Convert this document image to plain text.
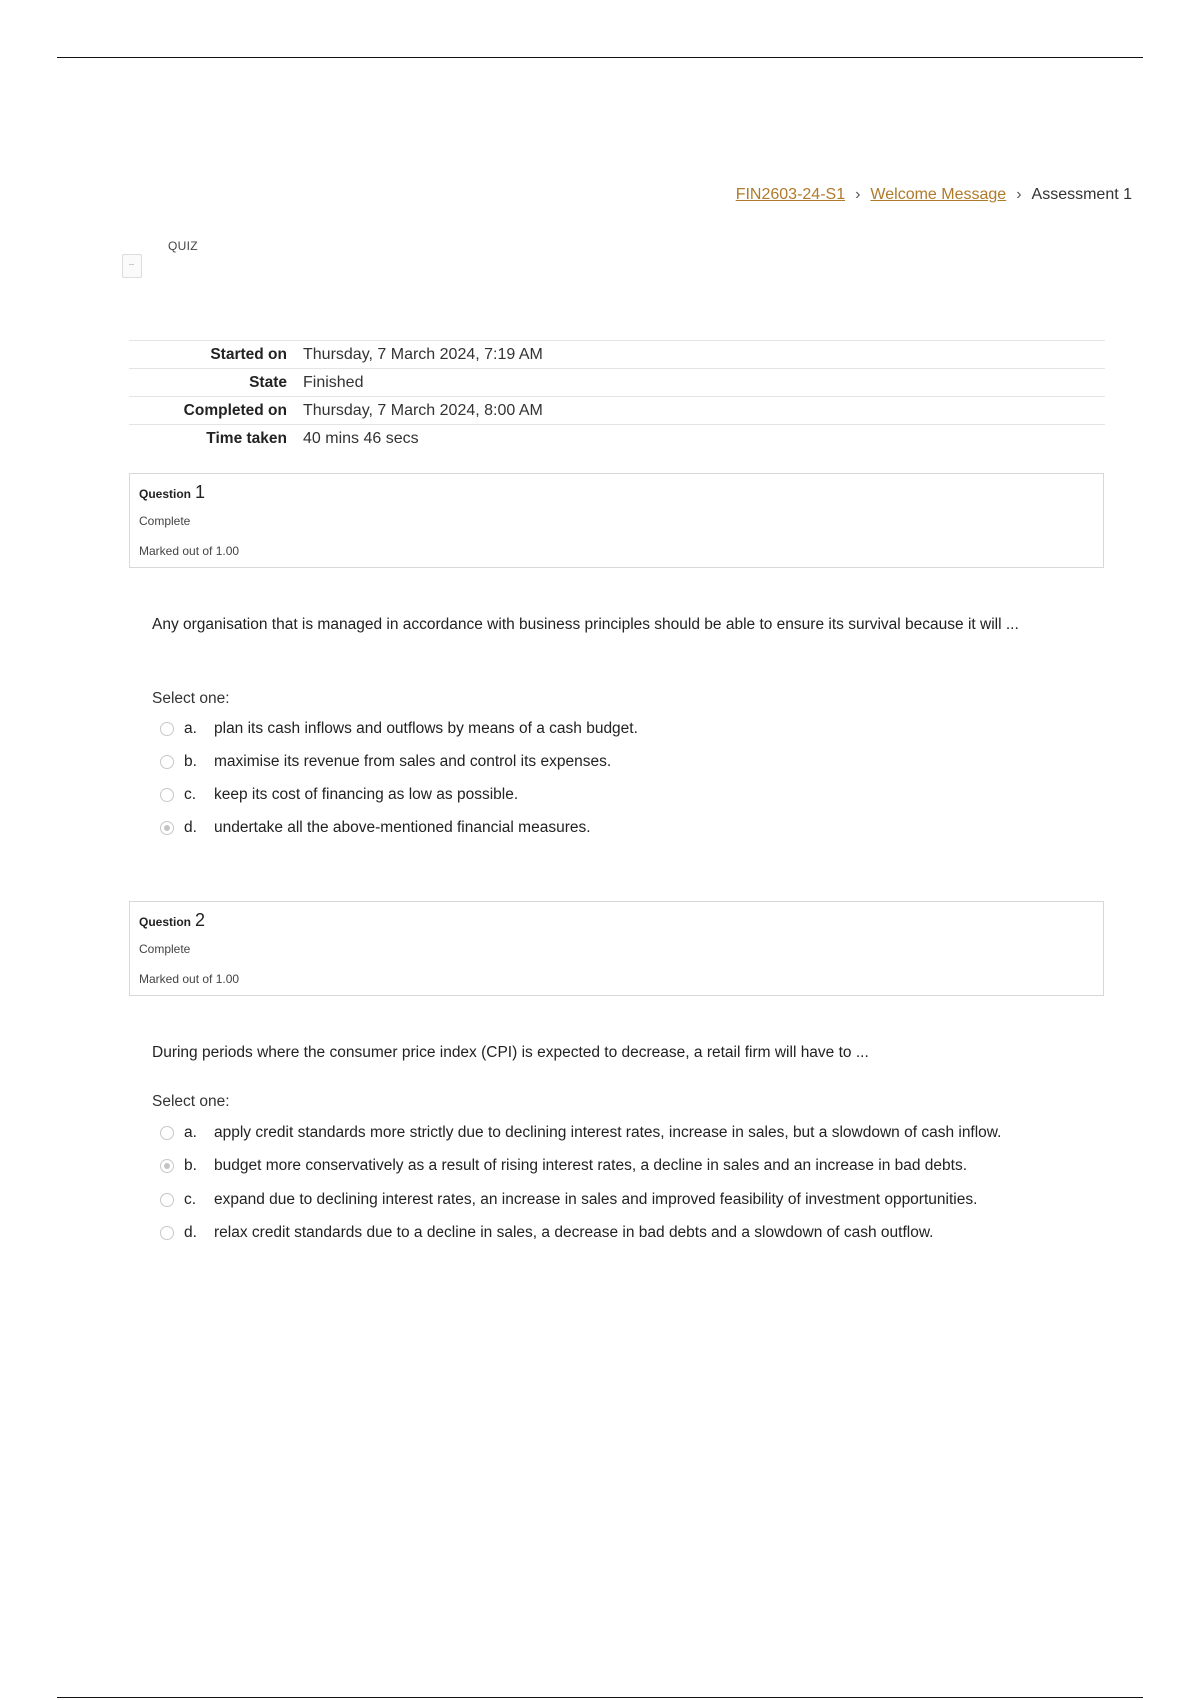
FIN2603-24-S1 › Welcome Message › Assessment 1
QUIZ
Started on	Thursday, 7 March 2024, 7:19 AM
State	Finished
Completed on	Thursday, 7 March 2024, 8:00 AM
Time taken	40 mins 46 secs
Question 1
Complete
Marked out of 1.00
Any organisation that is managed in accordance with business principles should be able to ensure its survival because it will ...
Select one:
a.	plan its cash inflows and outflows by means of a cash budget.
b.	maximise its revenue from sales and control its expenses.
c.	keep its cost of financing as low as possible.
d.	undertake all the above-mentioned financial measures.
Question 2
Complete
Marked out of 1.00
During periods where the consumer price index (CPI) is expected to decrease, a retail firm will have to ...
Select one:
a.	apply credit standards more strictly due to declining interest rates, increase in sales, but a slowdown of cash inflow.
b.	budget more conservatively as a result of rising interest rates, a decline in sales and an increase in bad debts.
c.	expand due to declining interest rates, an increase in sales and improved feasibility of investment opportunities.
d.	relax credit standards due to a decline in sales, a decrease in bad debts and a slowdown of cash outflow.
